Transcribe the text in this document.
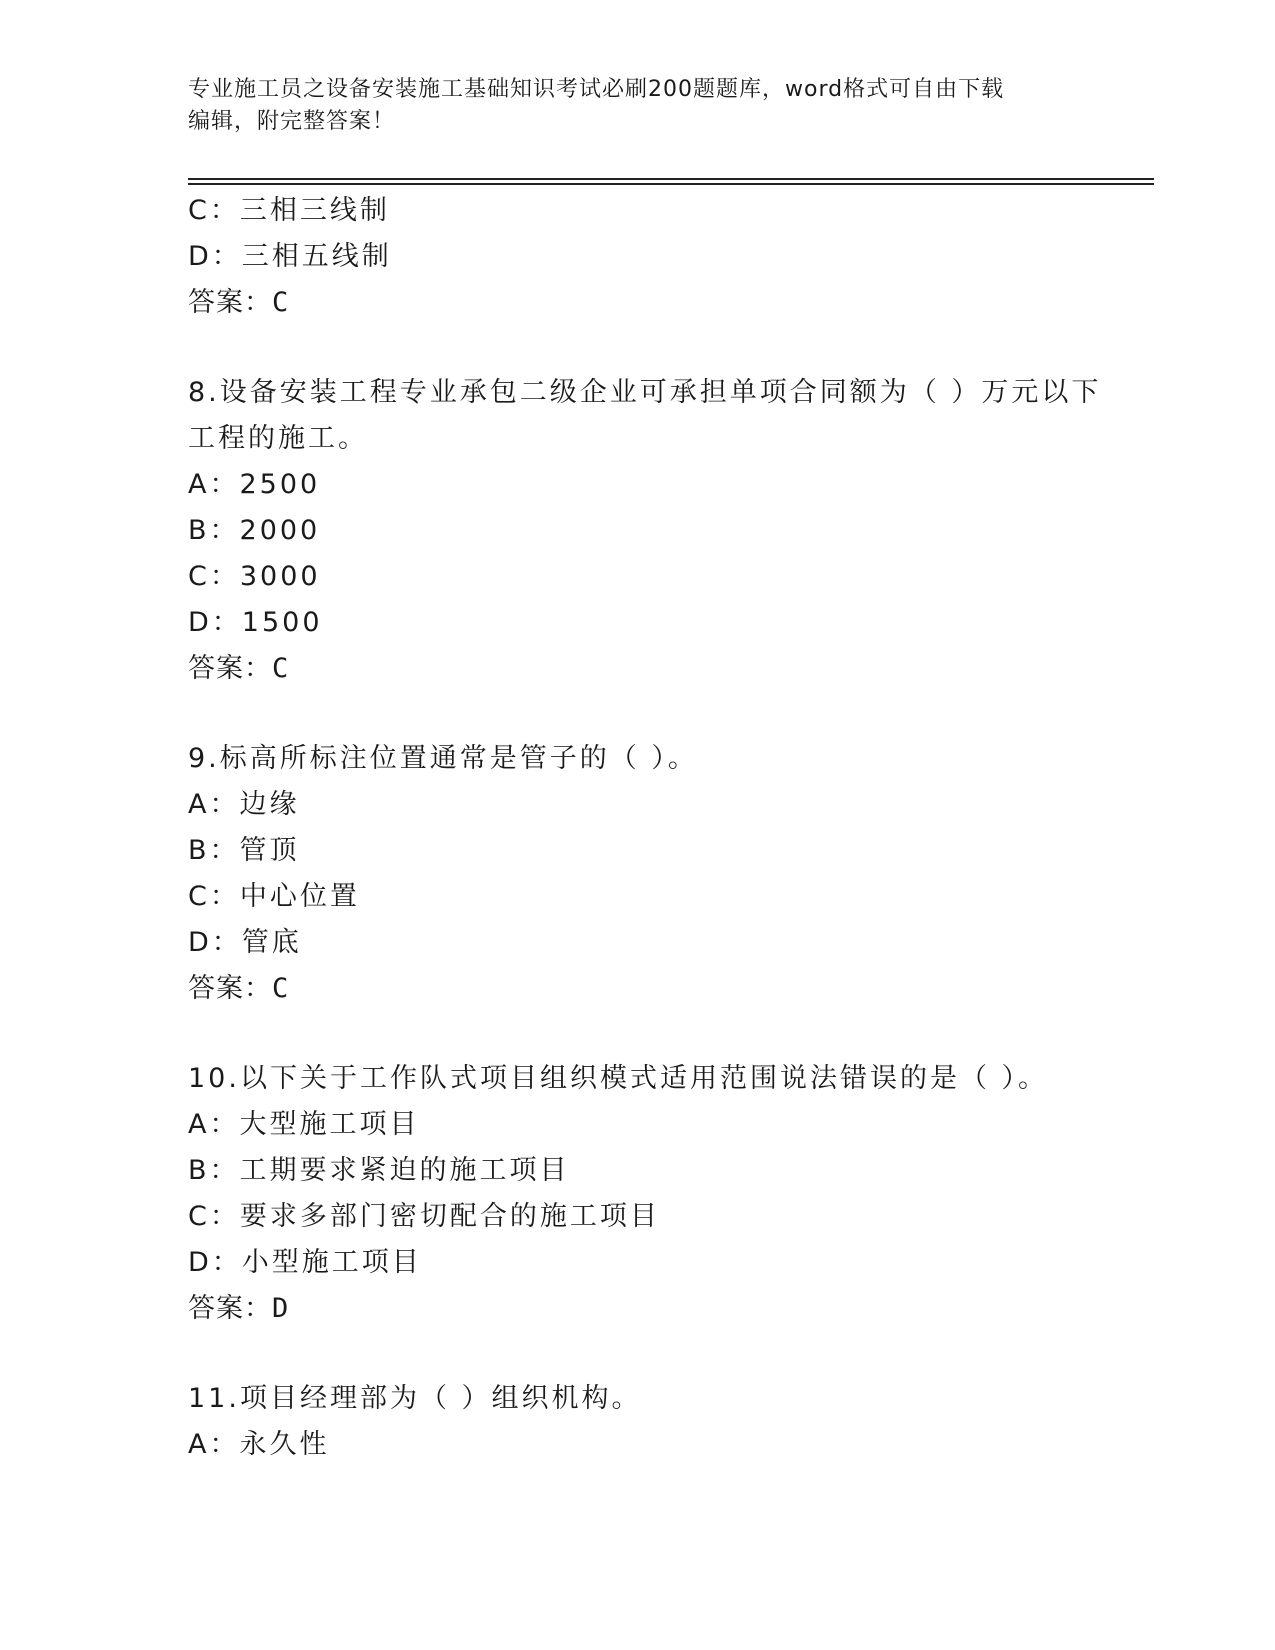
专业施工员之设备安装施工基础知识考试必刷200题题库，word格式可自由下载
编辑，附完整答案！
C：三相三线制
D：三相五线制
答案：C
8.设备安装工程专业承包二级企业可承担单项合同额为（ ）万元以下
工程的施工。
A：2500
B：2000
C：3000
D：1500
答案：C
9.标高所标注位置通常是管子的（ ）。
A：边缘
B：管顶
C：中心位置
D：管底
答案：C
10.以下关于工作队式项目组织模式适用范围说法错误的是（ ）。
A：大型施工项目
B：工期要求紧迫的施工项目
C：要求多部门密切配合的施工项目
D：小型施工项目
答案：D
11.项目经理部为（ ）组织机构。
A：永久性
